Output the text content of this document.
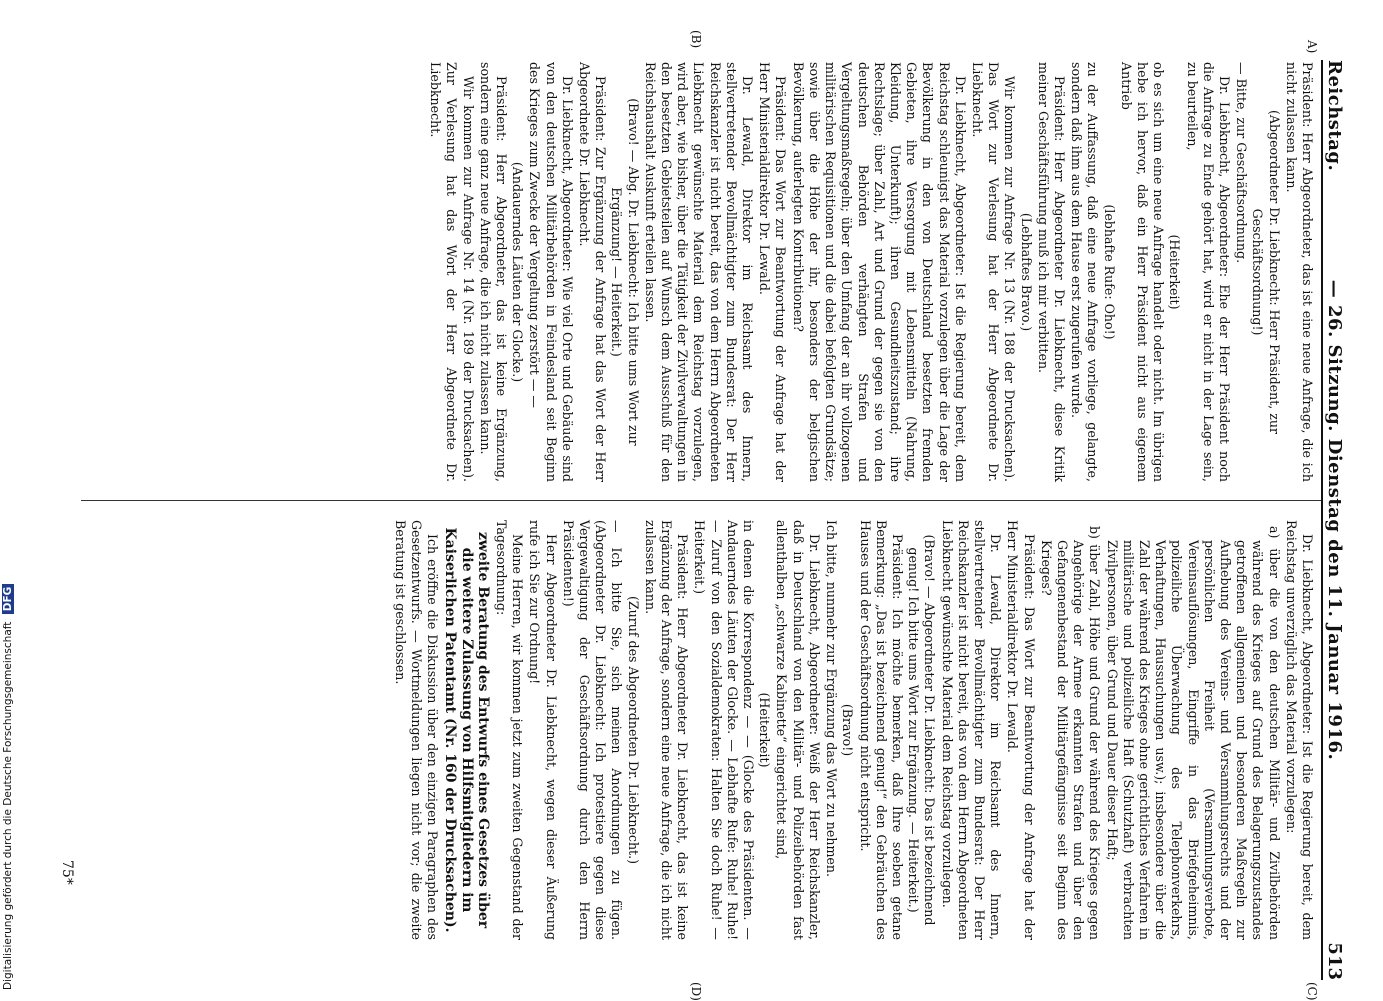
Reichstag.
— 26. Sitzung. Dienstag den 11. Januar 1916.
513
A)
(B)
(C)
(D)

Präsident: Herr Abgeordneter, das ist eine neue Anfrage, die ich nicht zulassen kann.

(Abgeordneter Dr. Liebknecht: Herr Präsident, zur Geschäftsordnung!)

— Bitte, zur Geschäftsordnung.

Dr. Liebknecht, Abgeordneter: Ehe der Herr Präsident noch die Anfrage zu Ende gehört hat, wird er nicht in der Lage sein, zu beurteilen,

(Heiterkeit)

ob es sich um eine neue Anfrage handelt oder nicht. Im übrigen hebe ich hervor, daß ein Herr Präsident nicht aus eigenem Antrieb

(lebhafte Rufe: Oho!)

zu der Auffassung, daß eine neue Anfrage vorliege, gelangte, sondern daß ihm aus dem Hause erst zugerufen wurde.

Präsident: Herr Abgeordneter Dr. Liebknecht, diese Kritik meiner Geschäftsführung muß ich mir verbitten.

(Lebhaftes Bravo.)

Wir kommen zur Anfrage Nr. 13 (Nr. 188 der Drucksachen). Das Wort zur Verlesung hat der Herr Abgeordnete Dr. Liebknecht.

Dr. Liebknecht, Abgeordneter: Ist die Regierung bereit, dem Reichstag schleunigst das Material vorzulegen über die Lage der Bevölkerung in den von Deutschland besetzten fremden Gebieten, ihre Versorgung mit Lebensmitteln (Nahrung, Kleidung, Unterkunft); ihren Gesundheitszustand; ihre Rechtslage; über Zahl, Art und Grund der gegen sie von den deutschen Behörden verhängten Strafen und Vergeltungsmaßregeln; über den Umfang der an ihr vollzogenen militärischen Requisitionen und die dabei befolgten Grundsätze; sowie über die Höhe der ihr, besonders der belgischen Bevölkerung, auferlegten Kontributionen?

Präsident: Das Wort zur Beantwortung der Anfrage hat der Herr Ministerialdirektor Dr. Lewald.

Dr. Lewald, Direktor im Reichsamt des Innern, stellvertretender Bevollmächtigter zum Bundesrat: Der Herr Reichskanzler ist nicht bereit, das von dem Herrn Abgeordneten Liebknecht gewünschte Material dem Reichstag vorzulegen, wird aber, wie bisher, über die Tätigkeit der Zivilverwaltungen in den besetzten Gebietsteilen auf Wunsch dem Ausschuß für den Reichshaushalt Auskunft erteilen lassen.

(Bravo! — Abg. Dr. Liebknecht: Ich bitte ums Wort zur Ergänzung! — Heiterkeit.)

Präsident: Zur Ergänzung der Anfrage hat das Wort der Herr Abgeordnete Dr. Liebknecht.

Dr. Liebknecht, Abgeordneter: Wie viel Orte und Gebäude sind von den deutschen Militärbehörden in Feindesland seit Beginn des Krieges zum Zwecke der Vergeltung zerstört — —

(Andauerndes Läuten der Glocke.)

Präsident: Herr Abgeordneter, das ist keine Ergänzung, sondern eine ganz neue Anfrage, die ich nicht zulassen kann.

Wir kommen zur Anfrage Nr. 14 (Nr. 189 der Drucksachen). Zur Verlesung hat das Wort der Herr Abgeordnete Dr. Liebknecht.

Dr. Liebknecht, Abgeordneter: Ist die Regierung bereit, dem Reichstag unverzüglich das Material vorzulegen:

a) über die von den deutschen Militär- und Zivilbehörden während des Krieges auf Grund des Belagerungszustandes getroffenen allgemeinen und besonderen Maßregeln zur Aufhebung des Vereins- und Versammlungsrechts und der persönlichen Freiheit (Versammlungsverbote, Vereinsauflösungen, Eingriffe in das Briefgeheimnis, polizeiliche Überwachung des Telephonverkehrs, Verhaftungen, Haussuchungen usw.); insbesondere über die Zahl der während des Krieges ohne gerichtliches Verfahren in militärische und polizeiliche Haft (Schutzhaft) verbrachten Zivilpersonen, über Grund und Dauer dieser Haft;

b) über Zahl, Höhe und Grund der während des Krieges gegen Angehörige der Armee erkannten Strafen und über den Gefangenenbestand der Militärgefängnisse seit Beginn des Krieges?

Präsident: Das Wort zur Beantwortung der Anfrage hat der Herr Ministerialdirektor Dr. Lewald.

Dr. Lewald, Direktor im Reichsamt des Innern, stellvertretender Bevollmächtigter zum Bundesrat: Der Herr Reichskanzler ist nicht bereit, das von dem Herrn Abgeordneten Liebknecht gewünschte Material dem Reichstag vorzulegen.

(Bravo! — Abgeordneter Dr. Liebknecht: Das ist bezeichnend genug! Ich bitte ums Wort zur Ergänzung. — Heiterkeit.)

Präsident: Ich möchte bemerken, daß Ihre soeben getane Bemerkung: „Das ist bezeichnend genug!“ den Gebräuchen des Hauses und der Geschäftsordnung nicht entspricht.

(Bravo!)

Ich bitte, nunmehr zur Ergänzung das Wort zu nehmen.

Dr. Liebknecht, Abgeordneter: Weiß der Herr Reichskanzler, daß in Deutschland von den Militär- und Polizeibehörden fast allenthalben „schwarze Kabinette“ eingerichtet sind,

(Heiterkeit)

in denen die Korrespondenz — — (Glocke des Präsidenten. — Andauerndes Läuten der Glocke. — Lebhafte Rufe: Ruhe! Ruhe! — Zuruf von den Sozialdemokraten: Halten Sie doch Ruhe! — Heiterkeit.)

Präsident: Herr Abgeordneter Dr. Liebknecht, das ist keine Ergänzung der Anfrage, sondern eine neue Anfrage, die ich nicht zulassen kann.

(Zuruf des Abgeordneten Dr. Liebknecht.)

— Ich bitte Sie, sich meinen Anordnungen zu fügen. (Abgeordneter Dr. Liebknecht: Ich protestiere gegen diese Vergewaltigung der Geschäftsordnung durch den Herrn Präsidenten!)

Herr Abgeordneter Dr. Liebknecht, wegen dieser Äußerung rufe ich Sie zur Ordnung!

Meine Herren, wir kommen jetzt zum zweiten Gegenstand der Tagesordnung:

zweite Beratung des Entwurfs eines Gesetzes über die weitere Zulassung von Hilfsmitgliedern im Kaiserlichen Patentamt (Nr. 160 der Drucksachen).

Ich eröffne die Diskussion über den einzigen Paragraphen des Gesetzentwurfs. — Wortmeldungen liegen nicht vor; die zweite Beratung ist geschlossen.

75*
Digitalisierung gefördert durch die Deutsche Forschungsgemeinschaft DFG
